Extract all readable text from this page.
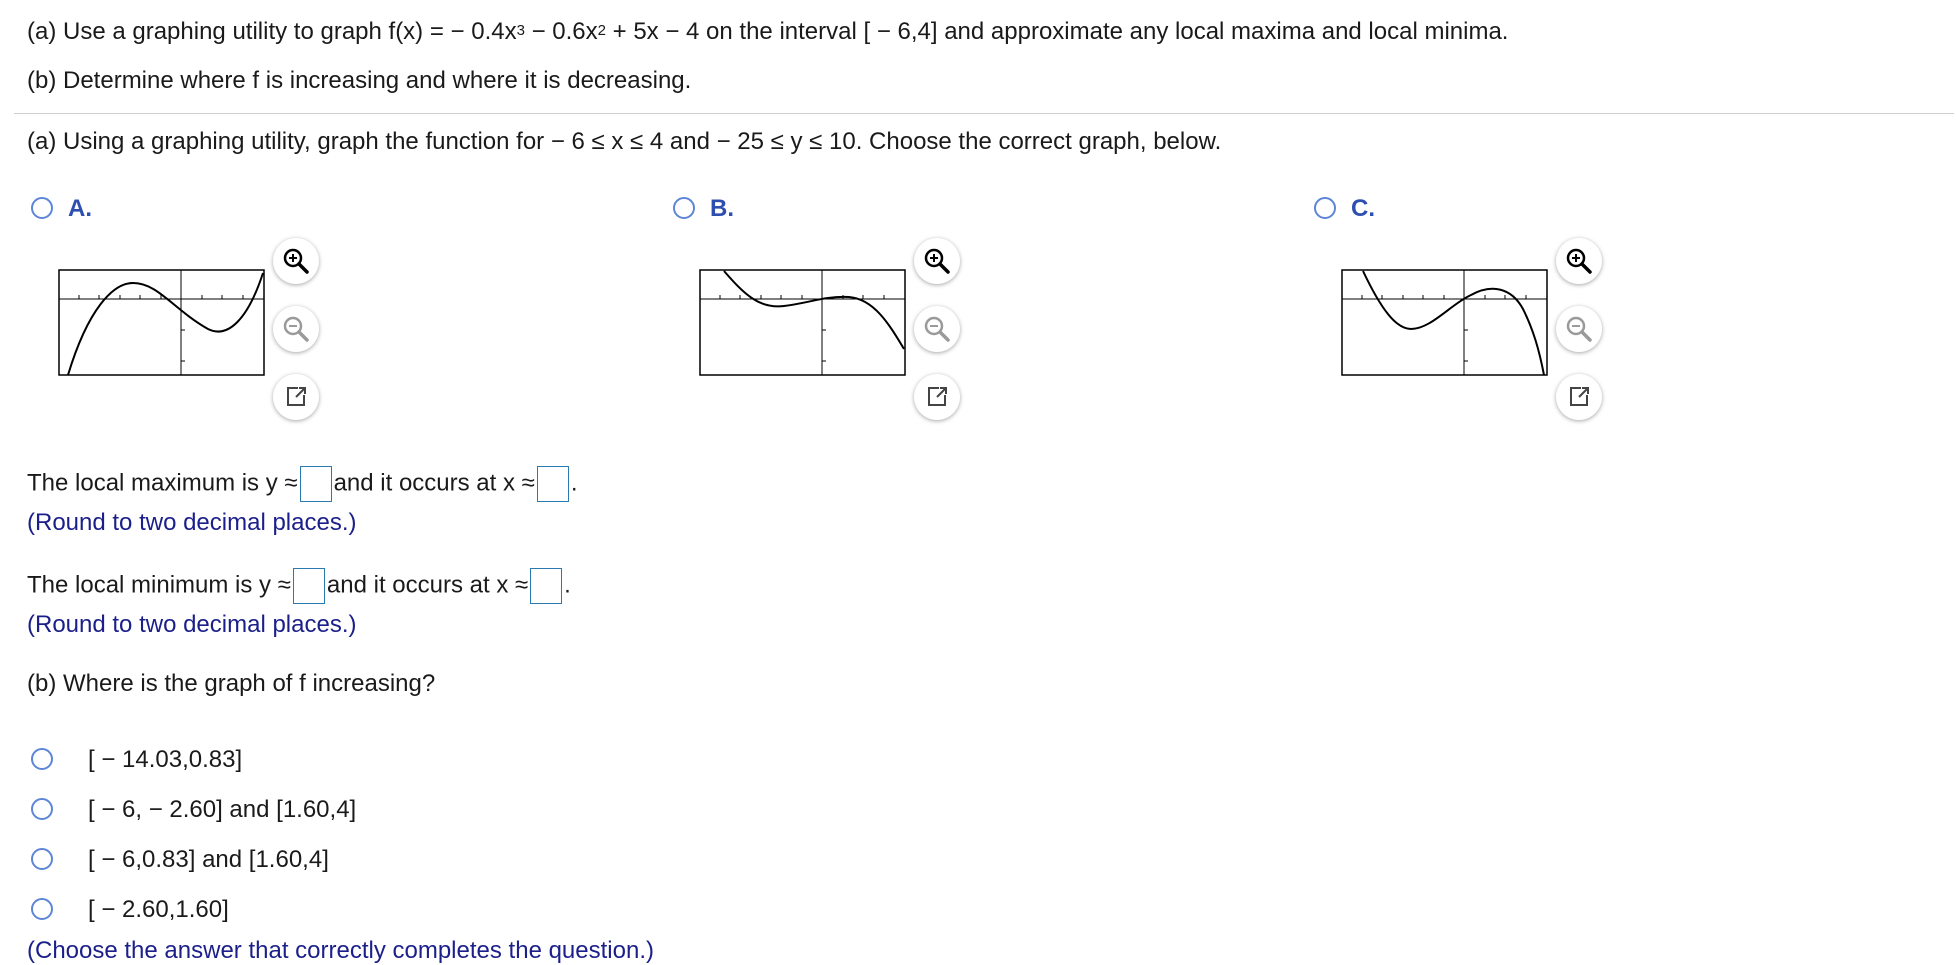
(a) Use a graphing utility to graph f(x) = − $0.4x^3 - 0.6x^2 + 5x - 4$ on the interval [ − 6,4] and approximate any local maxima and local minima.
(b) Determine where f is increasing and where it is decreasing.
(a) Using a graphing utility, graph the function for − 6 ≤ x ≤ 4 and − 25 ≤ y ≤ 10. Choose the correct graph, below.
A.	B.	C.
The local maximum is y ≈ and it occurs at x ≈ .
(Round to two decimal places.)
The local minimum is y ≈ and it occurs at x ≈ .
(Round to two decimal places.)
(b) Where is the graph of f increasing?
[ − 14.03,0.83]
[ − 6, − 2.60] and [1.60,4]
[ − 6,0.83] and [1.60,4]
[ − 2.60,1.60]
(Choose the answer that correctly completes the question.)
